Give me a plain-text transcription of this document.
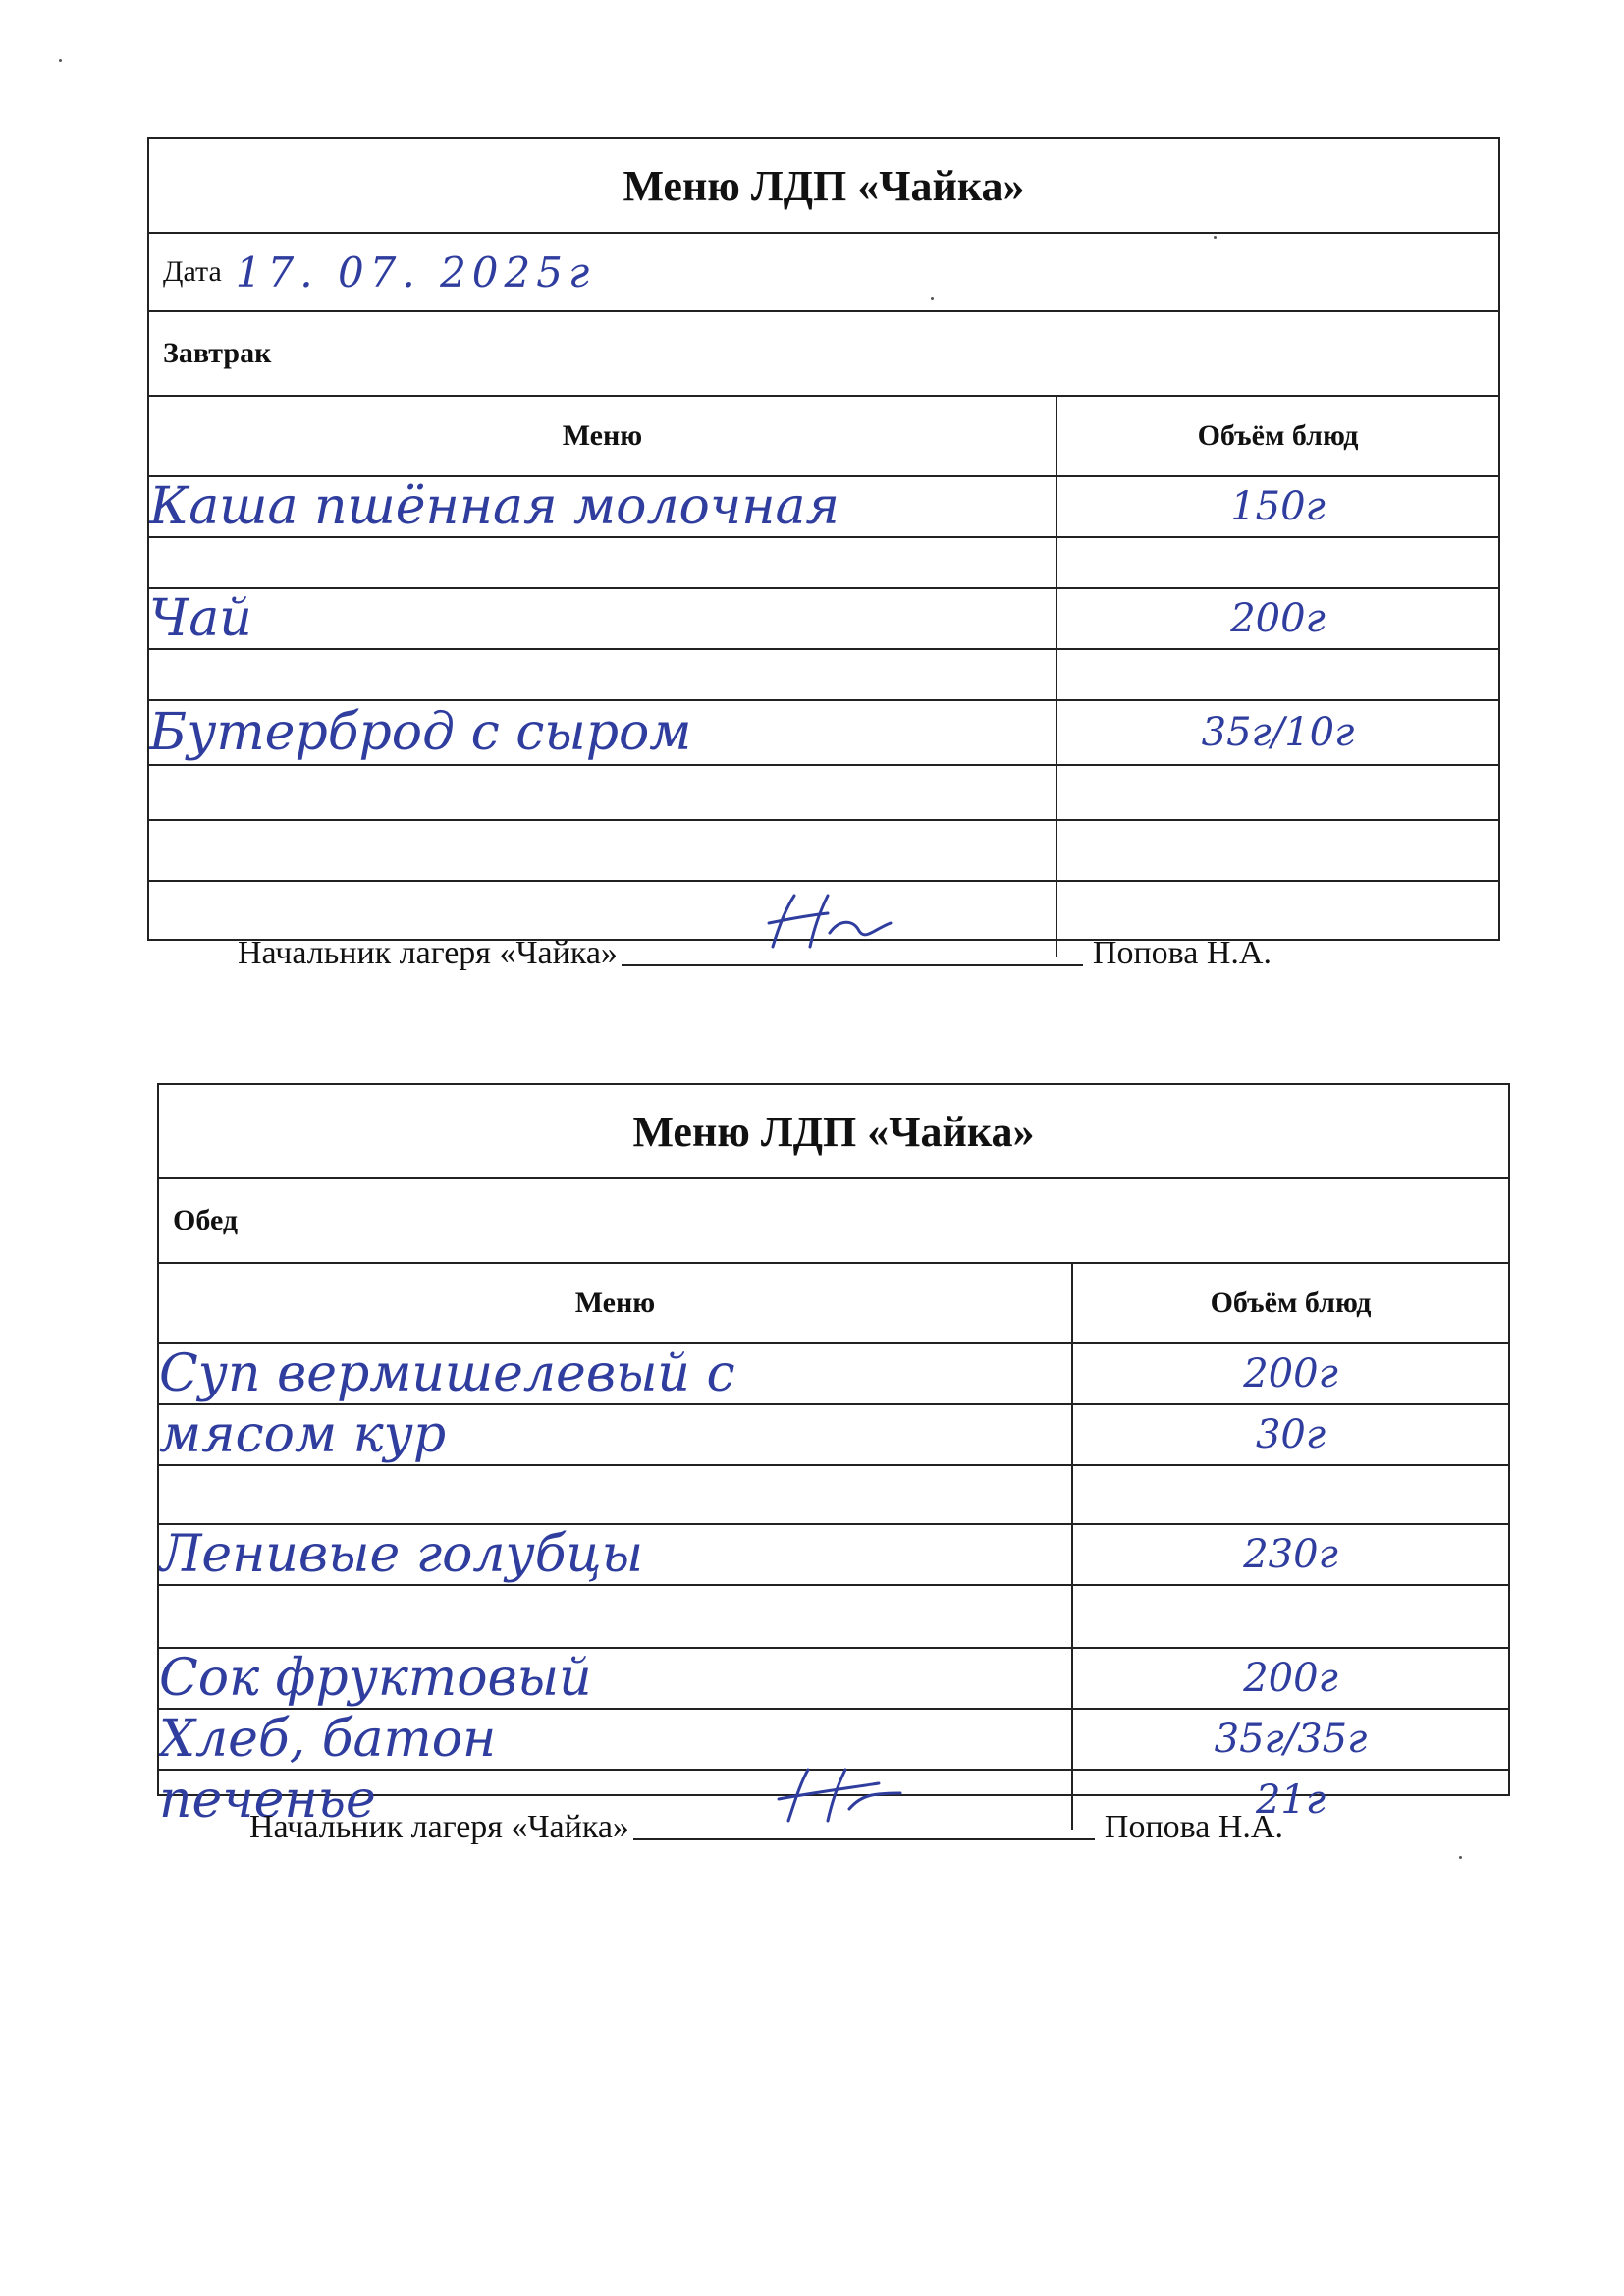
Меню ЛДП «Чайка»
Дата 17. 07. 2025г
Завтрак
Меню	Объём блюд
Каша пшённая молочная	150г

Чай	200г

Бутерброд с сыром	35г/10г

Начальник лагеря «Чайка»	Попова Н.А.
Меню ЛДП «Чайка»
Обед
Меню	Объём блюд
Суп вермишелевый с	200г
мясом кур	30г

Ленивые голубцы	230г

Сок фруктовый	200г
Хлеб, батон	35г/35г
печенье	21г
Начальник лагеря «Чайка»	Попова Н.А.
